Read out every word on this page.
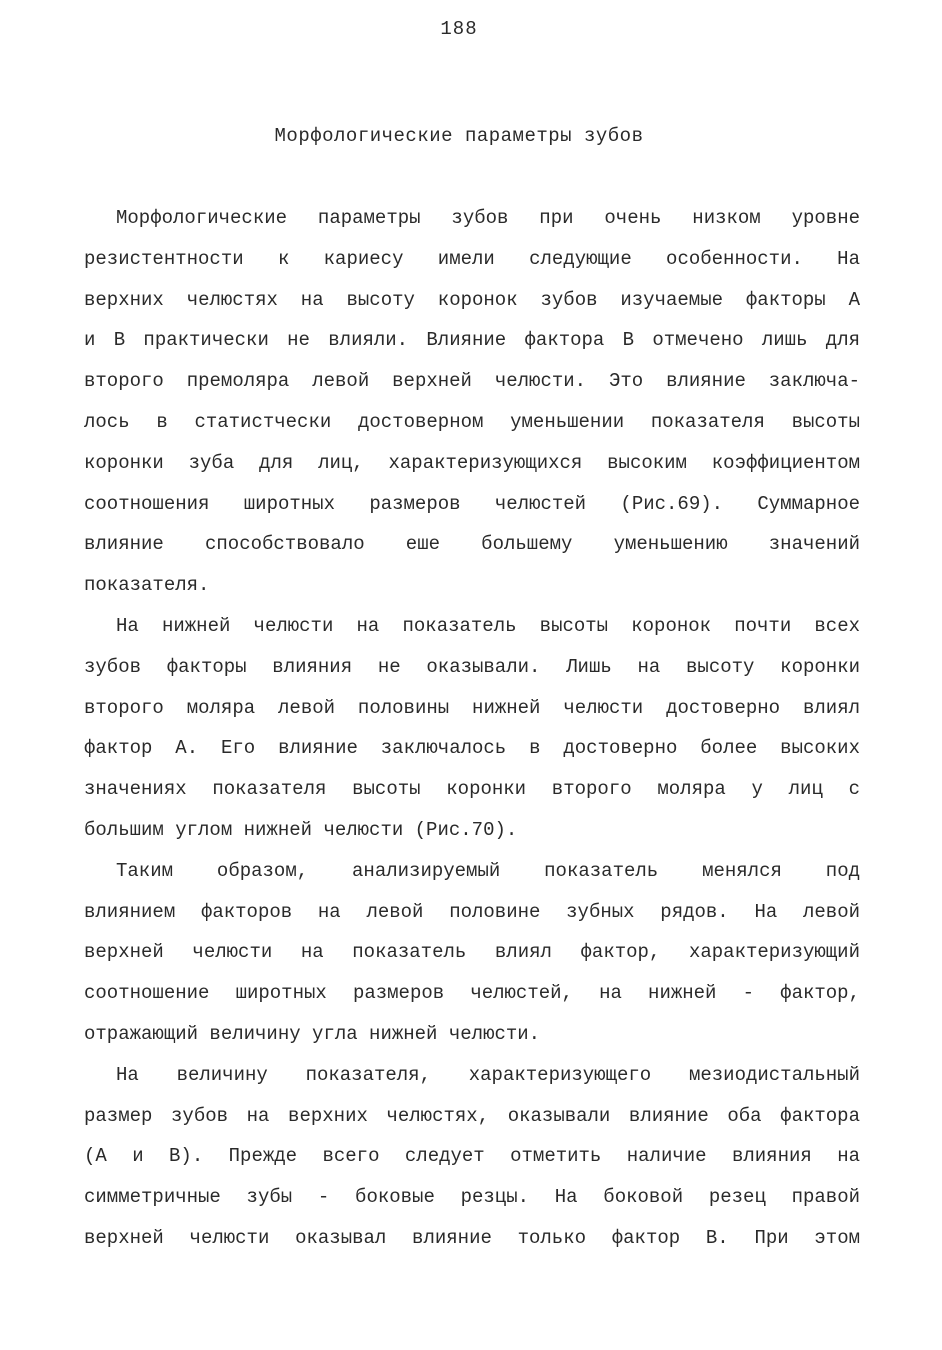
188
Морфологические параметры зубов
Морфологические параметры зубов при очень низком уровне
резистентности к кариесу имели следующие особенности. На
верхних челюстях на высоту коронок зубов изучаемые факторы А
и В практически не влияли. Влияние фактора В отмечено лишь для
второго премоляра левой верхней челюсти. Это влияние заключа-
лось в статистчески достоверном уменьшении показателя высоты
коронки зуба для лиц, характеризующихся высоким коэффициентом
соотношения широтных размеров челюстей (Рис.69). Суммарное
влияние способствовало еше большему уменьшению значений
показателя.
На нижней челюсти на показатель высоты коронок почти всех
зубов факторы влияния не оказывали. Лишь на высоту коронки
второго моляра левой половины нижней челюсти достоверно влиял
фактор А. Его влияние заключалось в достоверно более высоких
значениях показателя высоты коронки второго моляра у лиц с
большим углом нижней челюсти (Рис.70).
Таким образом, анализируемый показатель менялся под
влиянием факторов на левой половине зубных рядов. На левой
верхней челюсти на показатель влиял фактор, характеризующий
соотношение широтных размеров челюстей, на нижней - фактор,
отражающий величину угла нижней челюсти.
На величину показателя, характеризующего мезиодистальный
размер зубов на верхних челюстях, оказывали влияние оба фактора
(А и В). Прежде всего следует отметить наличие влияния на
симметричные зубы - боковые резцы. На боковой резец правой
верхней челюсти оказывал влияние только фактор В. При этом
